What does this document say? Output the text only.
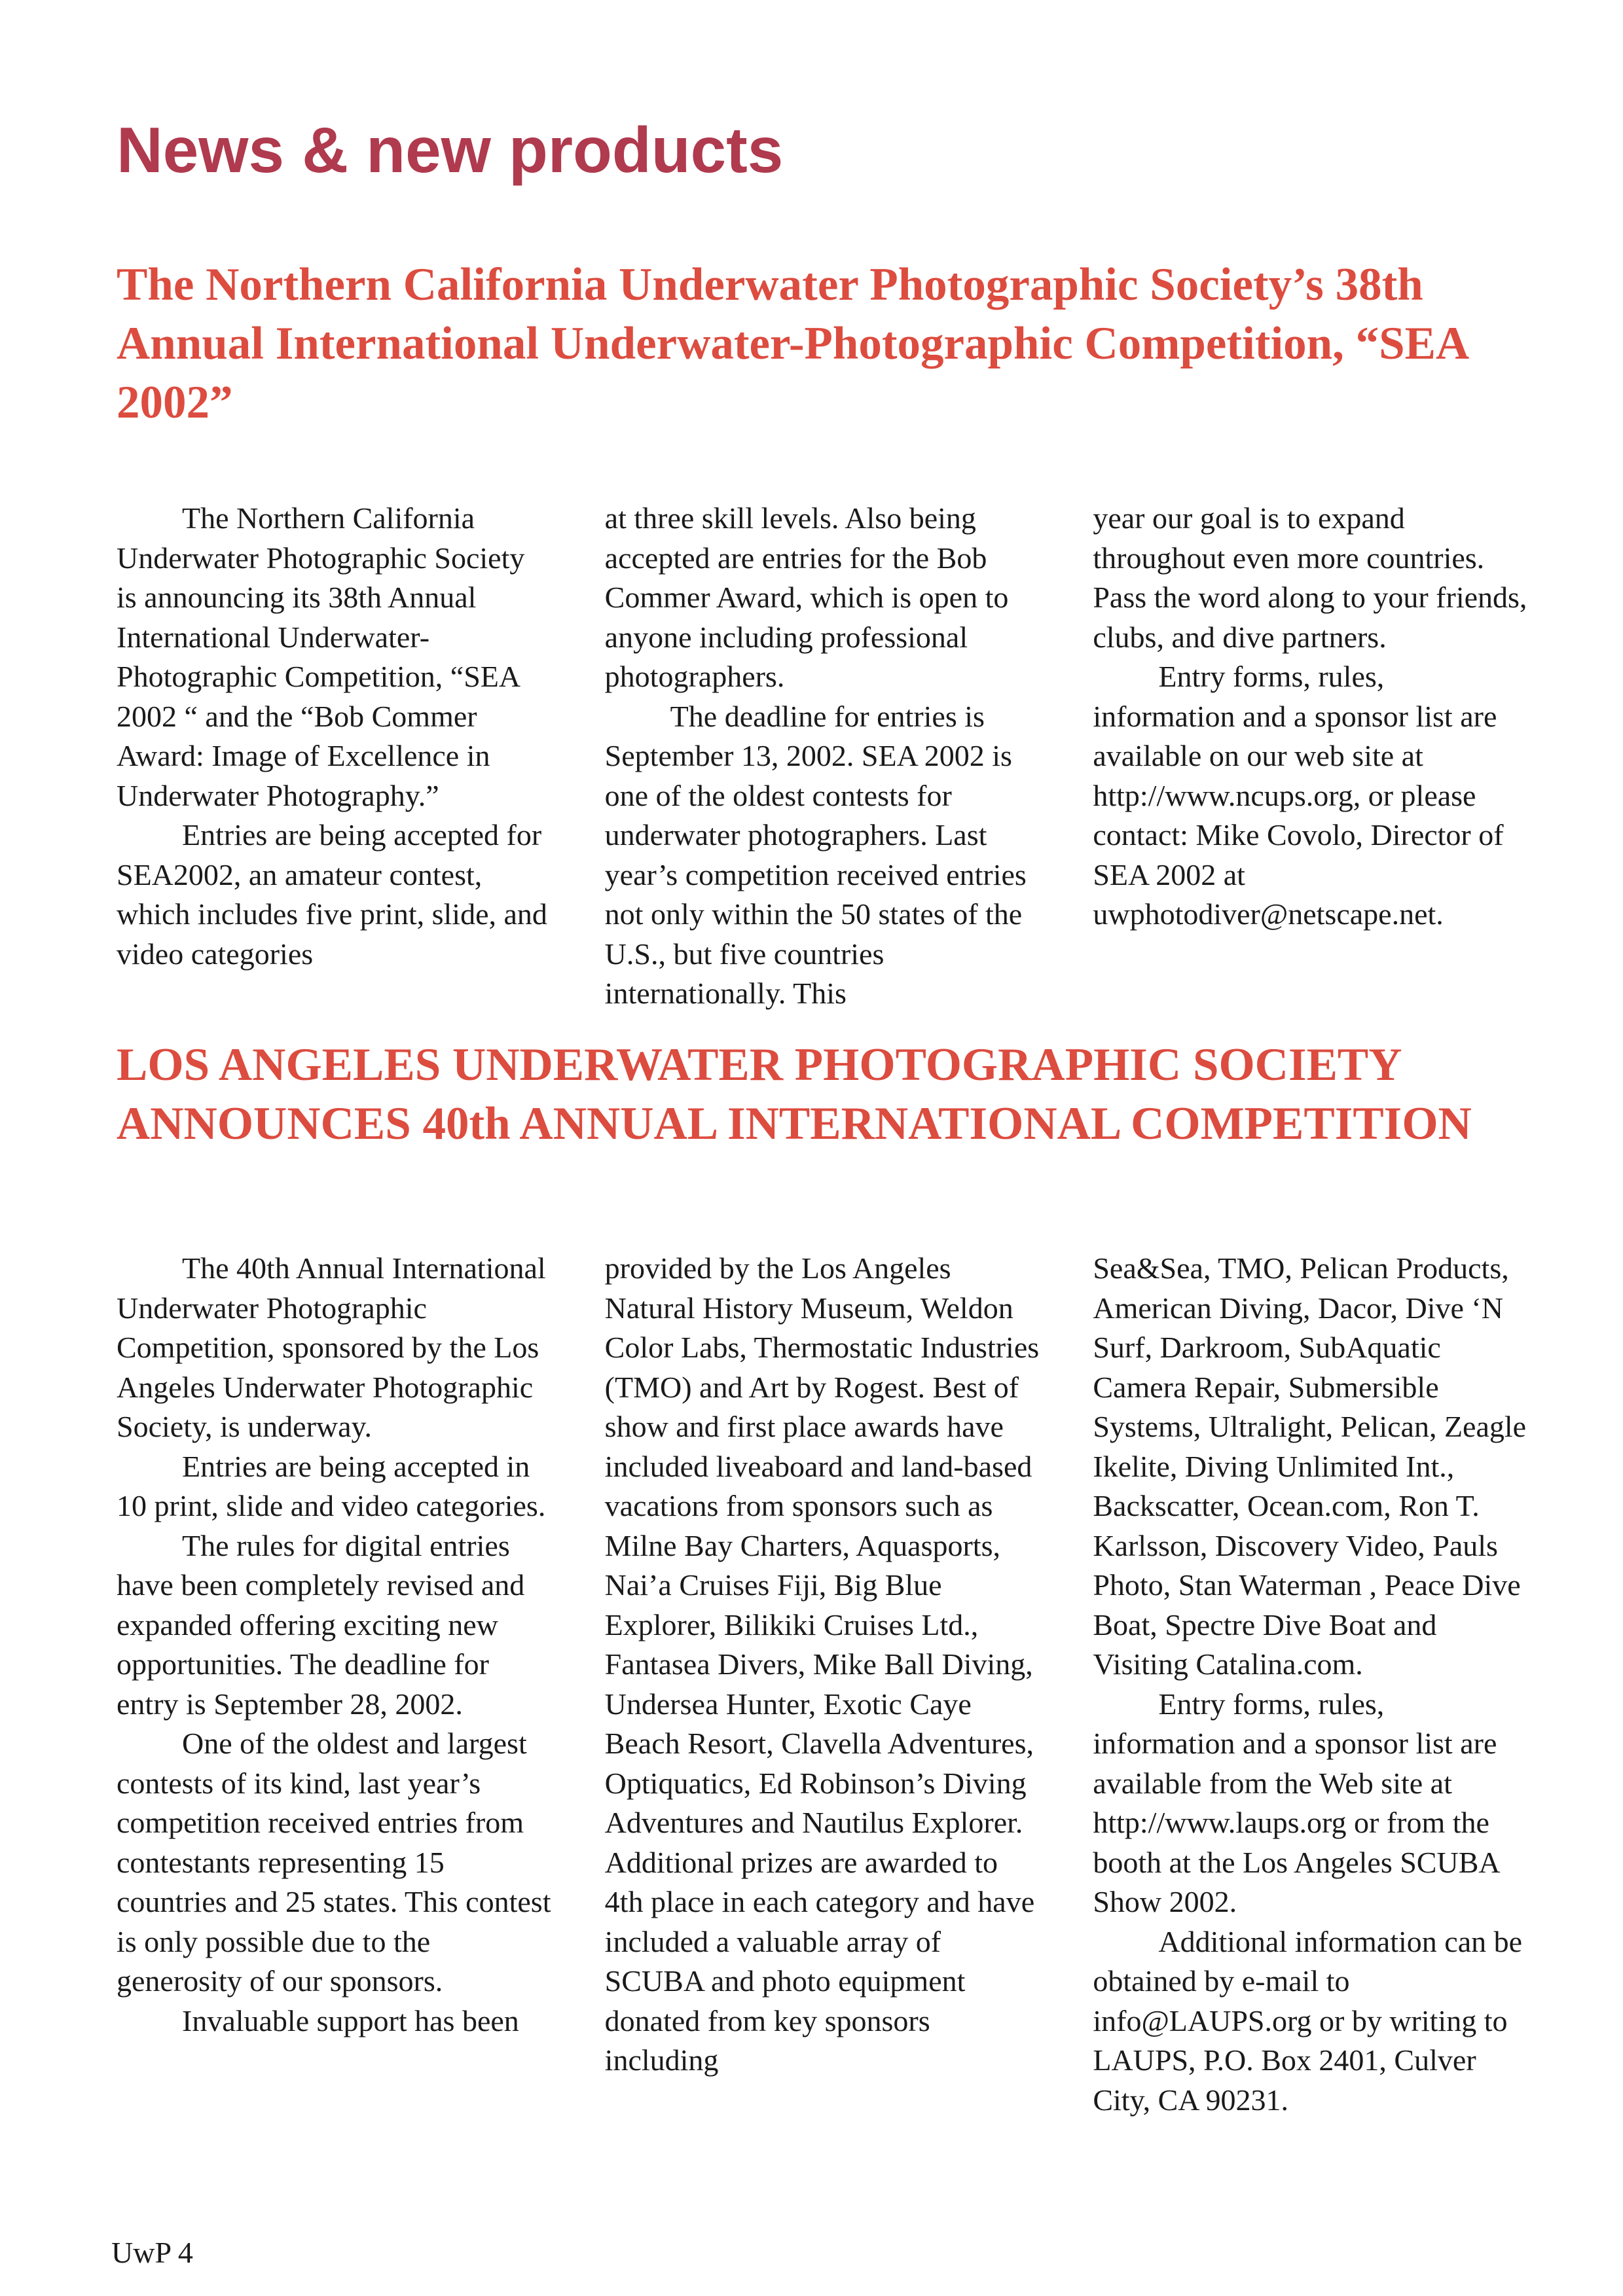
News & new products
The Northern California Underwater Photographic Society’s 38th Annual International Underwater-Photographic Competition, “SEA 2002”

The Northern California Underwater Photographic Society is announcing its 38th Annual International Underwater-Photographic Competition, “SEA 2002 “ and the “Bob Commer Award: Image of Excellence in Underwater Photography.”

Entries are being accepted for SEA2002, an amateur contest, which includes five print, slide, and video categories

at three skill levels. Also being accepted are entries for the Bob Commer Award, which is open to anyone including professional photographers.

The deadline for entries is September 13, 2002. SEA 2002 is one of the oldest contests for underwater photographers. Last year’s competition received entries not only within the 50 states of the U.S., but five countries internationally. This

year our goal is to expand throughout even more countries. Pass the word along to your friends, clubs, and dive partners.

Entry forms, rules, information and a sponsor list are available on our web site at http://www.ncups.org, or please contact: Mike Covolo, Director of SEA 2002 at uwphotodiver@netscape.net.

LOS ANGELES UNDERWATER PHOTOGRAPHIC SOCIETY ANNOUNCES 40th ANNUAL INTERNATIONAL COMPETITION

The 40th Annual International Underwater Photographic Competition, sponsored by the Los Angeles Underwater Photographic Society, is underway.

Entries are being accepted in 10 print, slide and video categories.

The rules for digital entries have been completely revised and expanded offering exciting new opportunities. The deadline for entry is September 28, 2002.

One of the oldest and largest contests of its kind, last year’s competition received entries from contestants representing 15 countries and 25 states. This contest is only possible due to the generosity of our sponsors.

Invaluable support has been

provided by the Los Angeles Natural History Museum, Weldon Color Labs, Thermostatic Industries (TMO) and Art by Rogest. Best of show and first place awards have included liveaboard and land-based vacations from sponsors such as Milne Bay Charters, Aquasports, Nai’a Cruises Fiji, Big Blue Explorer, Bilikiki Cruises Ltd., Fantasea Divers, Mike Ball Diving, Undersea Hunter, Exotic Caye Beach Resort, Clavella Adventures, Optiquatics, Ed Robinson’s Diving Adventures and Nautilus Explorer. Additional prizes are awarded to 4th place in each category and have included a valuable array of SCUBA and photo equipment donated from key sponsors including

Sea&Sea, TMO, Pelican Products, American Diving, Dacor, Dive ‘N Surf, Darkroom, SubAquatic Camera Repair, Submersible Systems, Ultralight, Pelican, Zeagle Ikelite, Diving Unlimited Int., Backscatter, Ocean.com, Ron T. Karlsson, Discovery Video, Pauls Photo, Stan Waterman , Peace Dive Boat, Spectre Dive Boat and Visiting Catalina.com.

Entry forms, rules, information and a sponsor list are available from the Web site at http://www.laups.org or from the booth at the Los Angeles SCUBA Show 2002.

Additional information can be obtained by e-mail to info@LAUPS.org or by writing to LAUPS, P.O. Box 2401, Culver City, CA 90231.

UwP 4
